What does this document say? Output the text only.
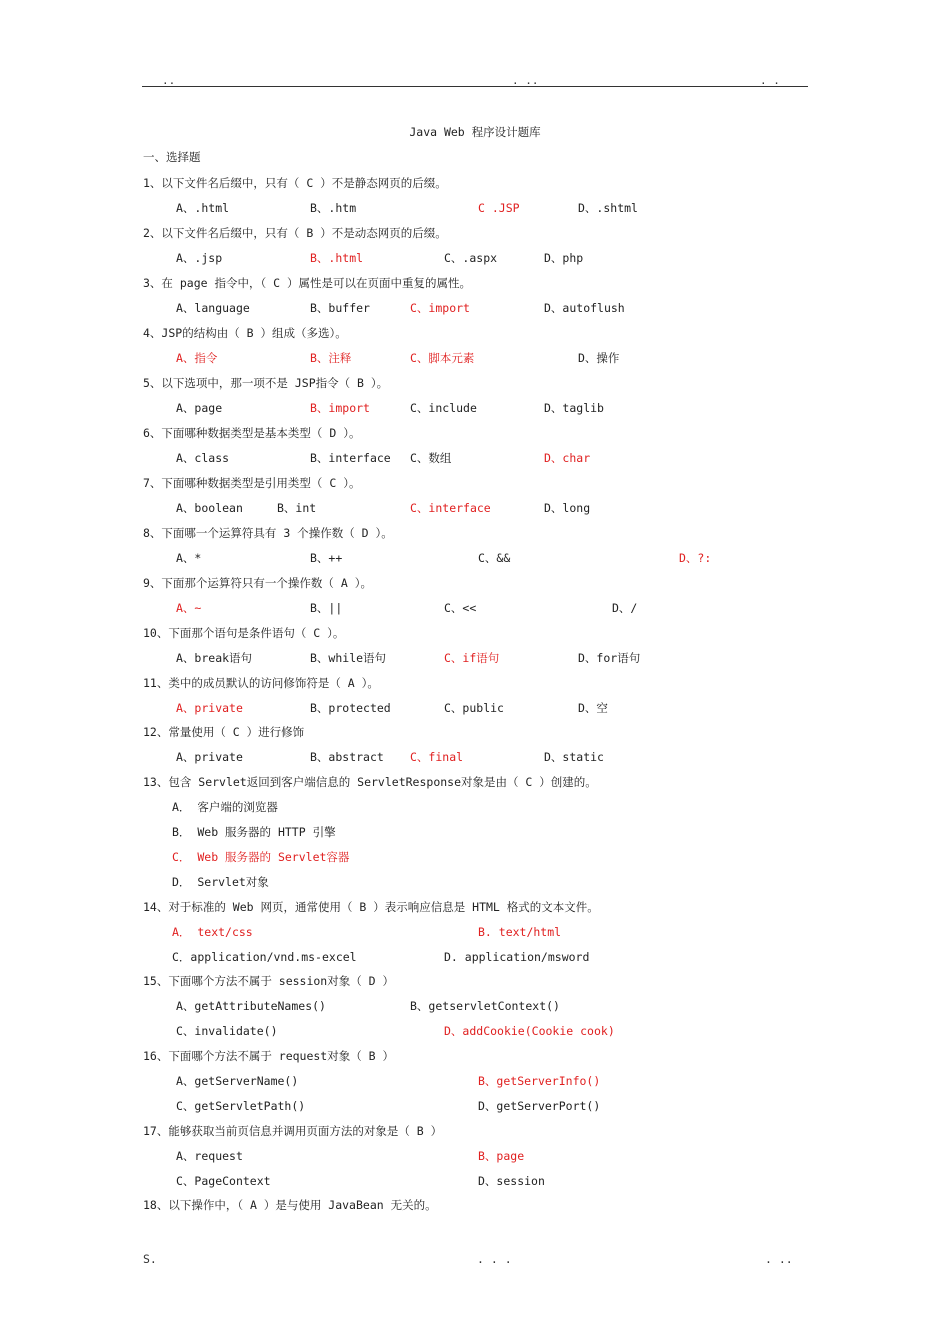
..	. ..	. .
Java Web 程序设计题库
一、选择题
1、以下文件名后缀中，只有（ C ）不是静态网页的后缀。
A、.html	B、.htm	C .JSP	D、.shtml
2、以下文件名后缀中，只有（ B ）不是动态网页的后缀。
A、.jsp	B、.html	C、.aspx	D、php
3、在 page 指令中，（ C ）属性是可以在页面中重复的属性。
A、language	B、buffer	C、import	D、autoflush
4、JSP的结构由（ B ）组成（多选）。
A、指令	B、注释	C、脚本元素	D、操作
5、以下选项中，那一项不是 JSP指令（ B ）。
A、page	B、import	C、include	D、taglib
6、下面哪种数据类型是基本类型（ D ）。
A、class	B、interface C、数组	D、char
7、下面哪种数据类型是引用类型（ C ）。
A、boolean	B、int	C、interface	D、long
8、下面哪一个运算符具有 3 个操作数（ D ）。
A、*	B、++	C、&&	D、?:
9、下面那个运算符只有一个操作数（ A ）。
A、~	B、||	C、<<	D、/
10、下面那个语句是条件语句（ C ）。
A、break语句	B、while语句	C、if语句	D、for语句
11、类中的成员默认的访问修饰符是（ A ）。
A、private	B、protected	C、public	D、空
12、常量使用（ C ）进行修饰
A、private	B、abstract C、final	D、static
13、包含 Servlet返回到客户端信息的 ServletResponse对象是由（ C ）创建的。
A． 客户端的浏览器
B． Web 服务器的 HTTP 引擎
C． Web 服务器的 Servlet容器
D． Servlet对象
14、对于标准的 Web 网页，通常使用（ B ）表示响应信息是 HTML 格式的文本文件。
A． text/css	B. text/html
C．application/vnd.ms-excel	D. application/msword
15、下面哪个方法不属于 session对象（ D ）
A、getAttributeNames()	B、getservletContext()
C、invalidate()	D、addCookie(Cookie cook)
16、下面哪个方法不属于 request对象（ B ）
A、getServerName()	B、getServerInfo()
C、getServletPath()	D、getServerPort()
17、能够获取当前页信息并调用页面方法的对象是（ B ）
A、request	B、page
C、PageContext	D、session
18、以下操作中，（ A ）是与使用 JavaBean 无关的。
S.	. . .	. ..
